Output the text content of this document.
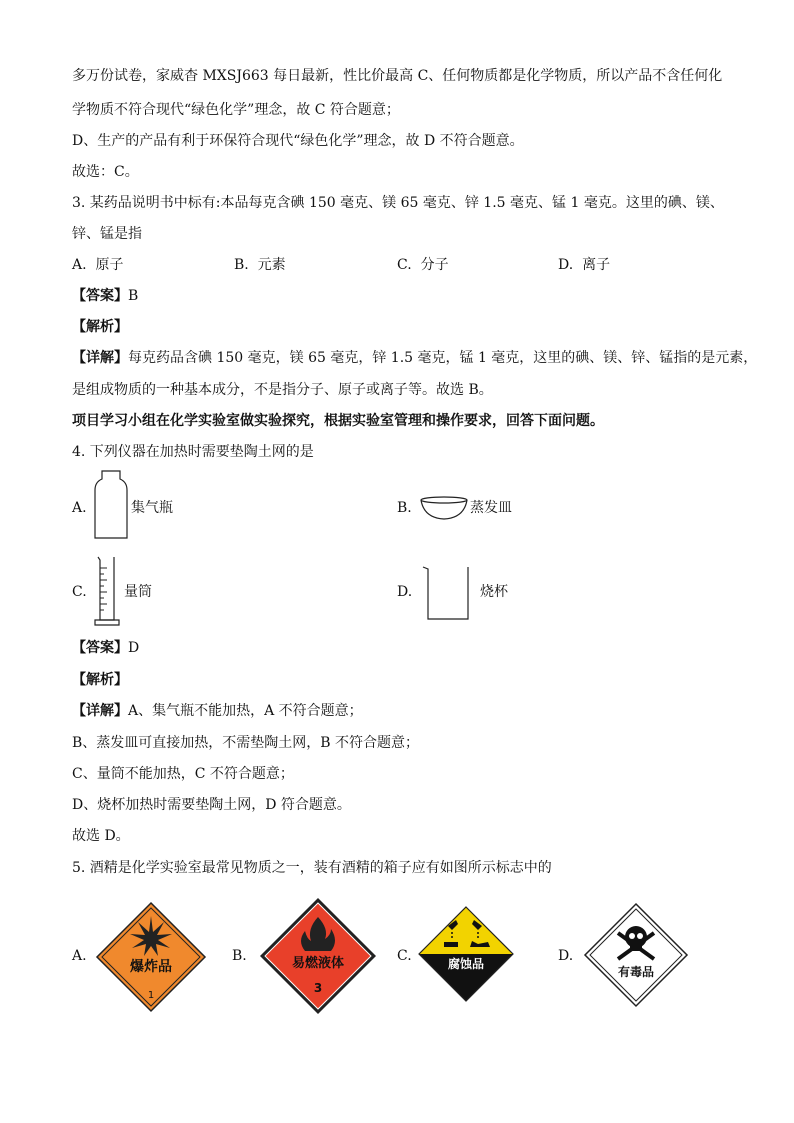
多万份试卷，家威杳 MXSJ663 每日最新，性比价最高 C、任何物质都是化学物质，所以产品不含任何化
学物质不符合现代“绿色化学”理念，故 C 符合题意；
D、生产的产品有利于环保符合现代“绿色化学”理念，故 D 不符合题意。
故选：C。
3. 某药品说明书中标有:本品每克含碘 150 毫克、镁 65 毫克、锌 1.5 毫克、锰 1 毫克。这里的碘、镁、
锌、锰是指
A. 原子	B. 元素	C. 分子	D. 离子
【答案】B
【解析】
【详解】每克药品含碘 150 毫克，镁 65 毫克，锌 1.5 毫克，锰 1 毫克，这里的碘、镁、锌、锰指的是元素，
是组成物质的一种基本成分，不是指分子、原子或离子等。故选 B。
项目学习小组在化学实验室做实验探究，根据实验室管理和操作要求，回答下面问题。
4. 下列仪器在加热时需要垫陶土网的是
A.	集气瓶	B.	蒸发皿
C.	量筒	D.	烧杯
【答案】D
【解析】
【详解】A、集气瓶不能加热，A 不符合题意；
B、蒸发皿可直接加热，不需垫陶土网，B 不符合题意；
C、量筒不能加热，C 不符合题意；
D、烧杯加热时需要垫陶土网，D 符合题意。
故选 D。
5. 酒精是化学实验室最常见物质之一，装有酒精的箱子应有如图所示标志中的
A.
爆炸品
1
B.	易燃液体
3
C.	腐蚀品	D.
有毒品
